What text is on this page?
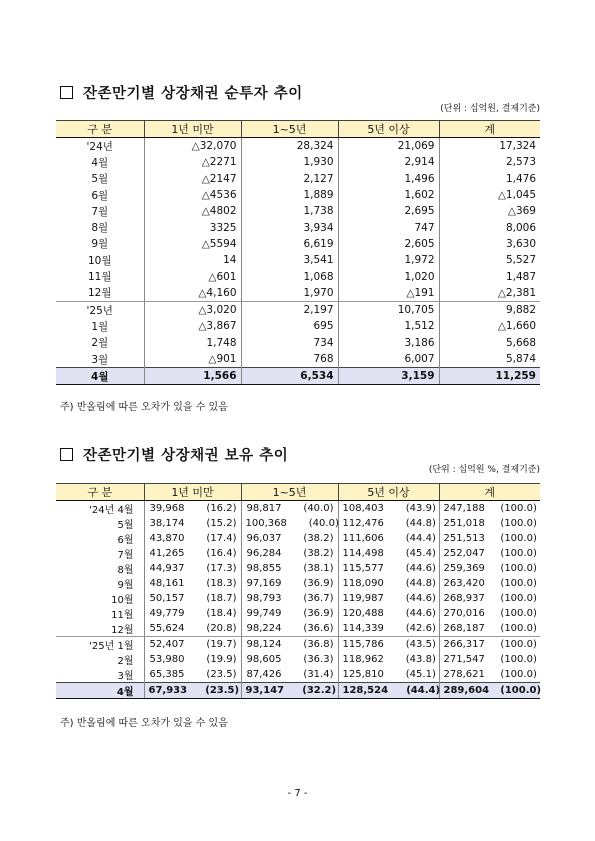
잔존만기별 상장채권 순투자 추이
(단위 : 십억원, 결제기준)
구 분	1년 미만	1~5년	5년 이상	계
'24년	△32,070	28,324	21,069	17,324
4월	△2271	1,930	2,914	2,573
5월	△2147	2,127	1,496	1,476
6월	△4536	1,889	1,602	△1,045
7월	△4802	1,738	2,695	△369
8월	3325	3,934	747	8,006
9월	△5594	6,619	2,605	3,630
10월	14	3,541	1,972	5,527
11월	△601	1,068	1,020	1,487
12월	△4,160	1,970	△191	△2,381
'25년	△3,020	2,197	10,705	9,882
1월	△3,867	695	1,512	△1,660
2월	1,748	734	3,186	5,668
3월	△901	768	6,007	5,874
4월	1,566	6,534	3,159	11,259
주) 반올림에 따른 오차가 있을 수 있음
잔존만기별 상장채권 보유 추이
(단위 : 십억원 %, 결제기준)
구 분	1년 미만	1~5년	5년 이상	계
'24년 4월	39,968 (16.2)	98,817 (40.0)	108,403 (43.9)	247,188 (100.0)
5월	38,174 (15.2)	100,368 (40.0)	112,476 (44.8)	251,018 (100.0)
6월	43,870 (17.4)	96,037 (38.2)	111,606 (44.4)	251,513 (100.0)
7월	41,265 (16.4)	96,284 (38.2)	114,498 (45.4)	252,047 (100.0)
8월	44,937 (17.3)	98,855 (38.1)	115,577 (44.6)	259,369 (100.0)
9월	48,161 (18.3)	97,169 (36.9)	118,090 (44.8)	263,420 (100.0)
10월	50,157 (18.7)	98,793 (36.7)	119,987 (44.6)	268,937 (100.0)
11월	49,779 (18.4)	99,749 (36.9)	120,488 (44.6)	270,016 (100.0)
12월	55,624 (20.8)	98,224 (36.6)	114,339 (42.6)	268,187 (100.0)
'25년 1월	52,407 (19.7)	98,124 (36.8)	115,786 (43.5)	266,317 (100.0)
2월	53,980 (19.9)	98,605 (36.3)	118,962 (43.8)	271,547 (100.0)
3월	65,385 (23.5)	87,426 (31.4)	125,810 (45.1)	278,621 (100.0)
4월	67,933 (23.5)	93,147 (32.2)	128,524 (44.4)	289,604 (100.0)
주) 반올림에 따른 오차가 있을 수 있음
- 7 -
